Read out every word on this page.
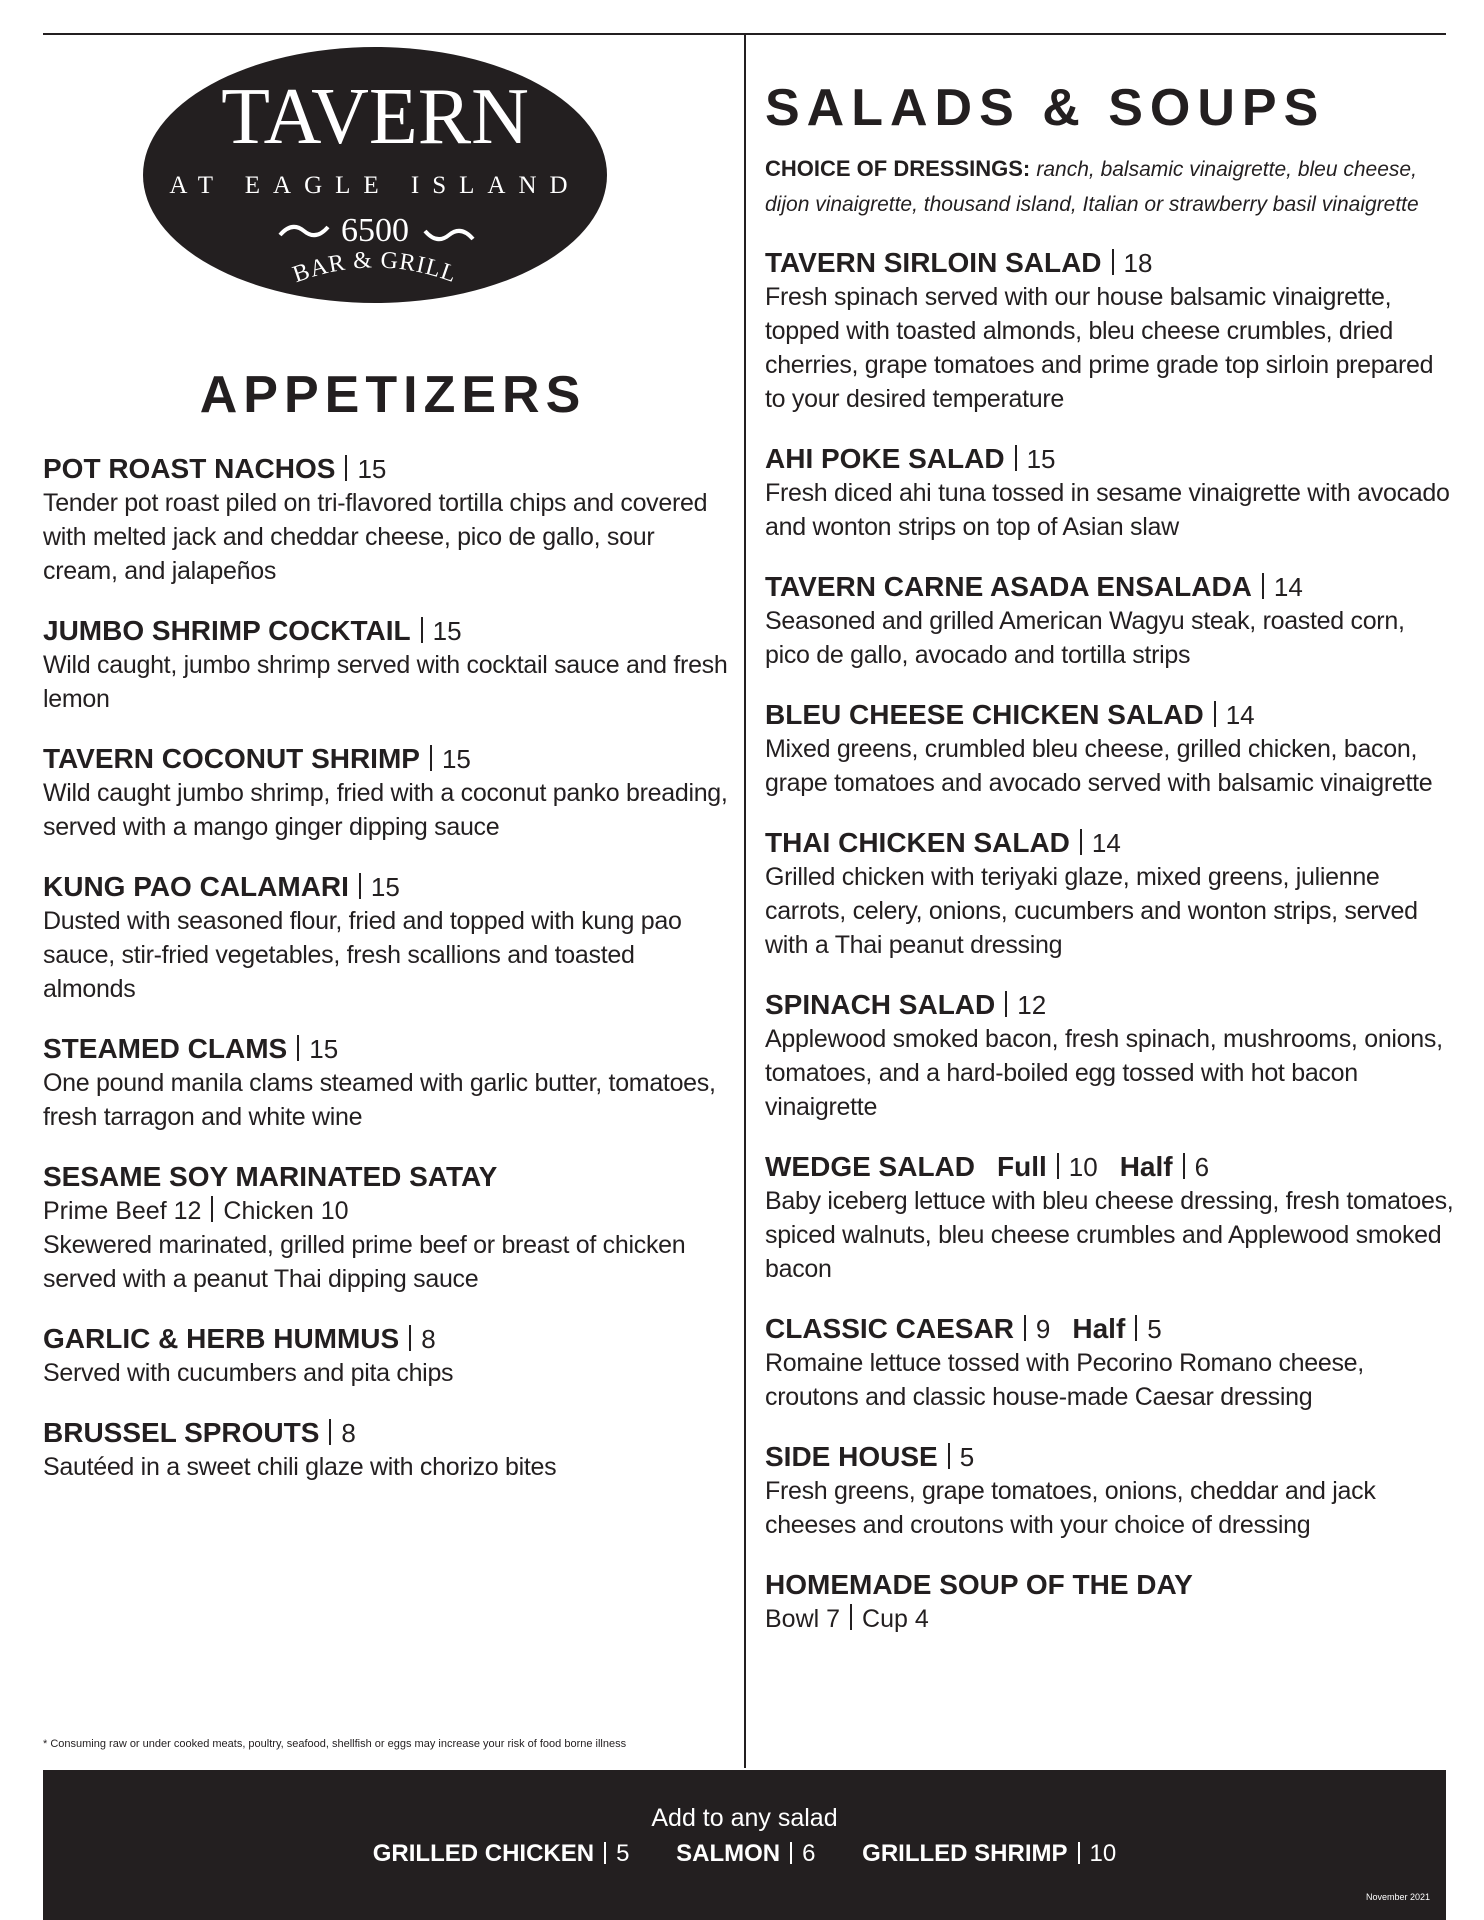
TAVERN
AT EAGLE ISLAND
6500
BAR & GRILL
APPETIZERS
POT ROAST NACHOS 15
Tender pot roast piled on tri-flavored tortilla chips and covered with melted jack and cheddar cheese, pico de gallo, sour cream, and jalapeños
JUMBO SHRIMP COCKTAIL 15
Wild caught, jumbo shrimp served with cocktail sauce and fresh lemon
TAVERN COCONUT SHRIMP 15
Wild caught jumbo shrimp, fried with a coconut panko breading, served with a mango ginger dipping sauce
KUNG PAO CALAMARI 15
Dusted with seasoned flour, fried and topped with kung pao sauce, stir-fried vegetables, fresh scallions and toasted almonds
STEAMED CLAMS 15
One pound manila clams steamed with garlic butter, tomatoes, fresh tarragon and white wine
SESAME SOY MARINATED SATAY
Prime Beef 12 Chicken 10
Skewered marinated, grilled prime beef or breast of chicken served with a peanut Thai dipping sauce
GARLIC & HERB HUMMUS 8
Served with cucumbers and pita chips
BRUSSEL SPROUTS 8
Sautéed in a sweet chili glaze with chorizo bites
* Consuming raw or under cooked meats, poultry, seafood, shellfish or eggs may increase your risk of food borne illness
SALADS & SOUPS
CHOICE OF DRESSINGS: ranch, balsamic vinaigrette, bleu cheese, dijon vinaigrette, thousand island, Italian or strawberry basil vinaigrette
TAVERN SIRLOIN SALAD 18
Fresh spinach served with our house balsamic vinaigrette, topped with toasted almonds, bleu cheese crumbles, dried cherries, grape tomatoes and prime grade top sirloin prepared to your desired temperature
AHI POKE SALAD 15
Fresh diced ahi tuna tossed in sesame vinaigrette with avocado and wonton strips on top of Asian slaw
TAVERN CARNE ASADA ENSALADA 14
Seasoned and grilled American Wagyu steak, roasted corn, pico de gallo, avocado and tortilla strips
BLEU CHEESE CHICKEN SALAD 14
Mixed greens, crumbled bleu cheese, grilled chicken, bacon, grape tomatoes and avocado served with balsamic vinaigrette
THAI CHICKEN SALAD 14
Grilled chicken with teriyaki glaze, mixed greens, julienne carrots, celery, onions, cucumbers and wonton strips, served with a Thai peanut dressing
SPINACH SALAD 12
Applewood smoked bacon, fresh spinach, mushrooms, onions, tomatoes, and a hard-boiled egg tossed with hot bacon vinaigrette
WEDGE SALAD Full 10 Half 6
Baby iceberg lettuce with bleu cheese dressing, fresh tomatoes, spiced walnuts, bleu cheese crumbles and Applewood smoked bacon
CLASSIC CAESAR 9 Half 5
Romaine lettuce tossed with Pecorino Romano cheese, croutons and classic house-made Caesar dressing
SIDE HOUSE 5
Fresh greens, grape tomatoes, onions, cheddar and jack cheeses and croutons with your choice of dressing
HOMEMADE SOUP OF THE DAY
Bowl 7 Cup 4
Add to any salad
GRILLED CHICKEN 5 SALMON 6 GRILLED SHRIMP 10
November 2021
